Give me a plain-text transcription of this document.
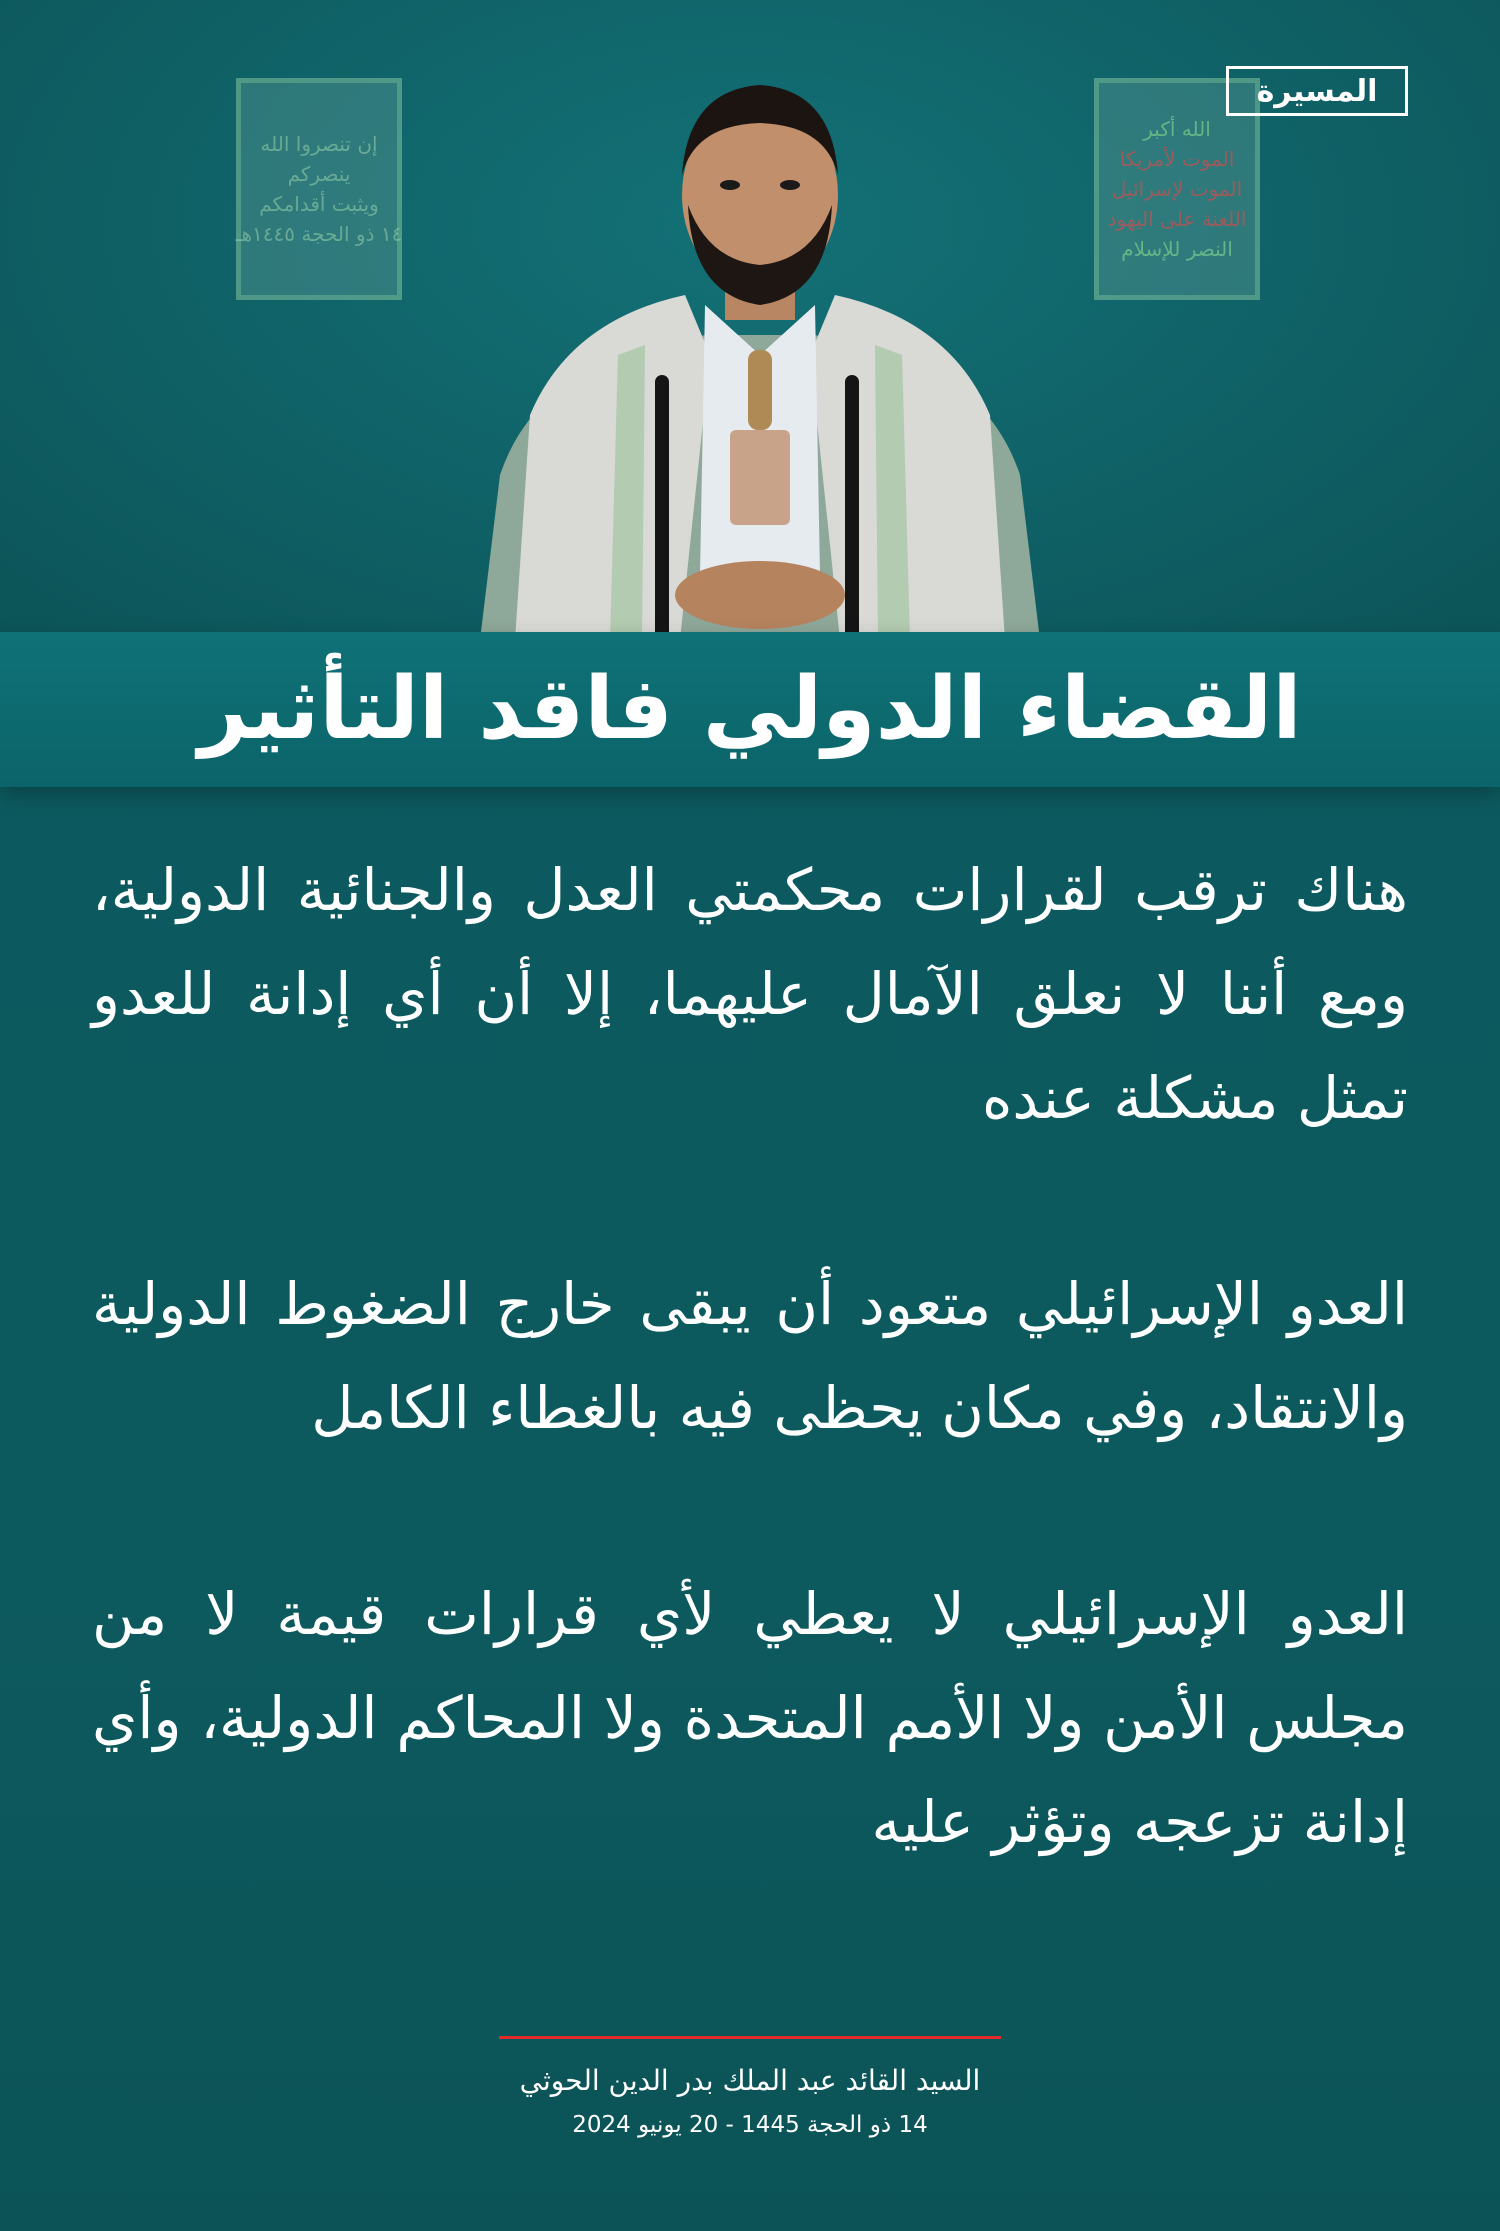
إن تنصروا الله
ينصركم
ويثبت أقدامكم
١٤ ذو الحجة ١٤٤٥هـ
الله أكبر
الموت لأمريكا
الموت لإسرائيل
اللعنة على اليهود
النصر للإسلام
المسيرة
القضاء الدولي فاقد التأثير

هناك ترقب لقرارات محكمتي العدل والجنائية الدولية، ومع أننا لا نعلق الآمال عليهما، إلا أن أي إدانة للعدو تمثل مشكلة عنده

العدو الإسرائيلي متعود أن يبقى خارج الضغوط الدولية والانتقاد، وفي مكان يحظى فيه بالغطاء الكامل

العدو الإسرائيلي لا يعطي لأي قرارات قيمة لا من مجلس الأمن ولا الأمم المتحدة ولا المحاكم الدولية، وأي إدانة تزعجه وتؤثر عليه

السيد القائد عبد الملك بدر الدين الحوثي

14 ذو الحجة 1445 - 20 يونيو 2024
